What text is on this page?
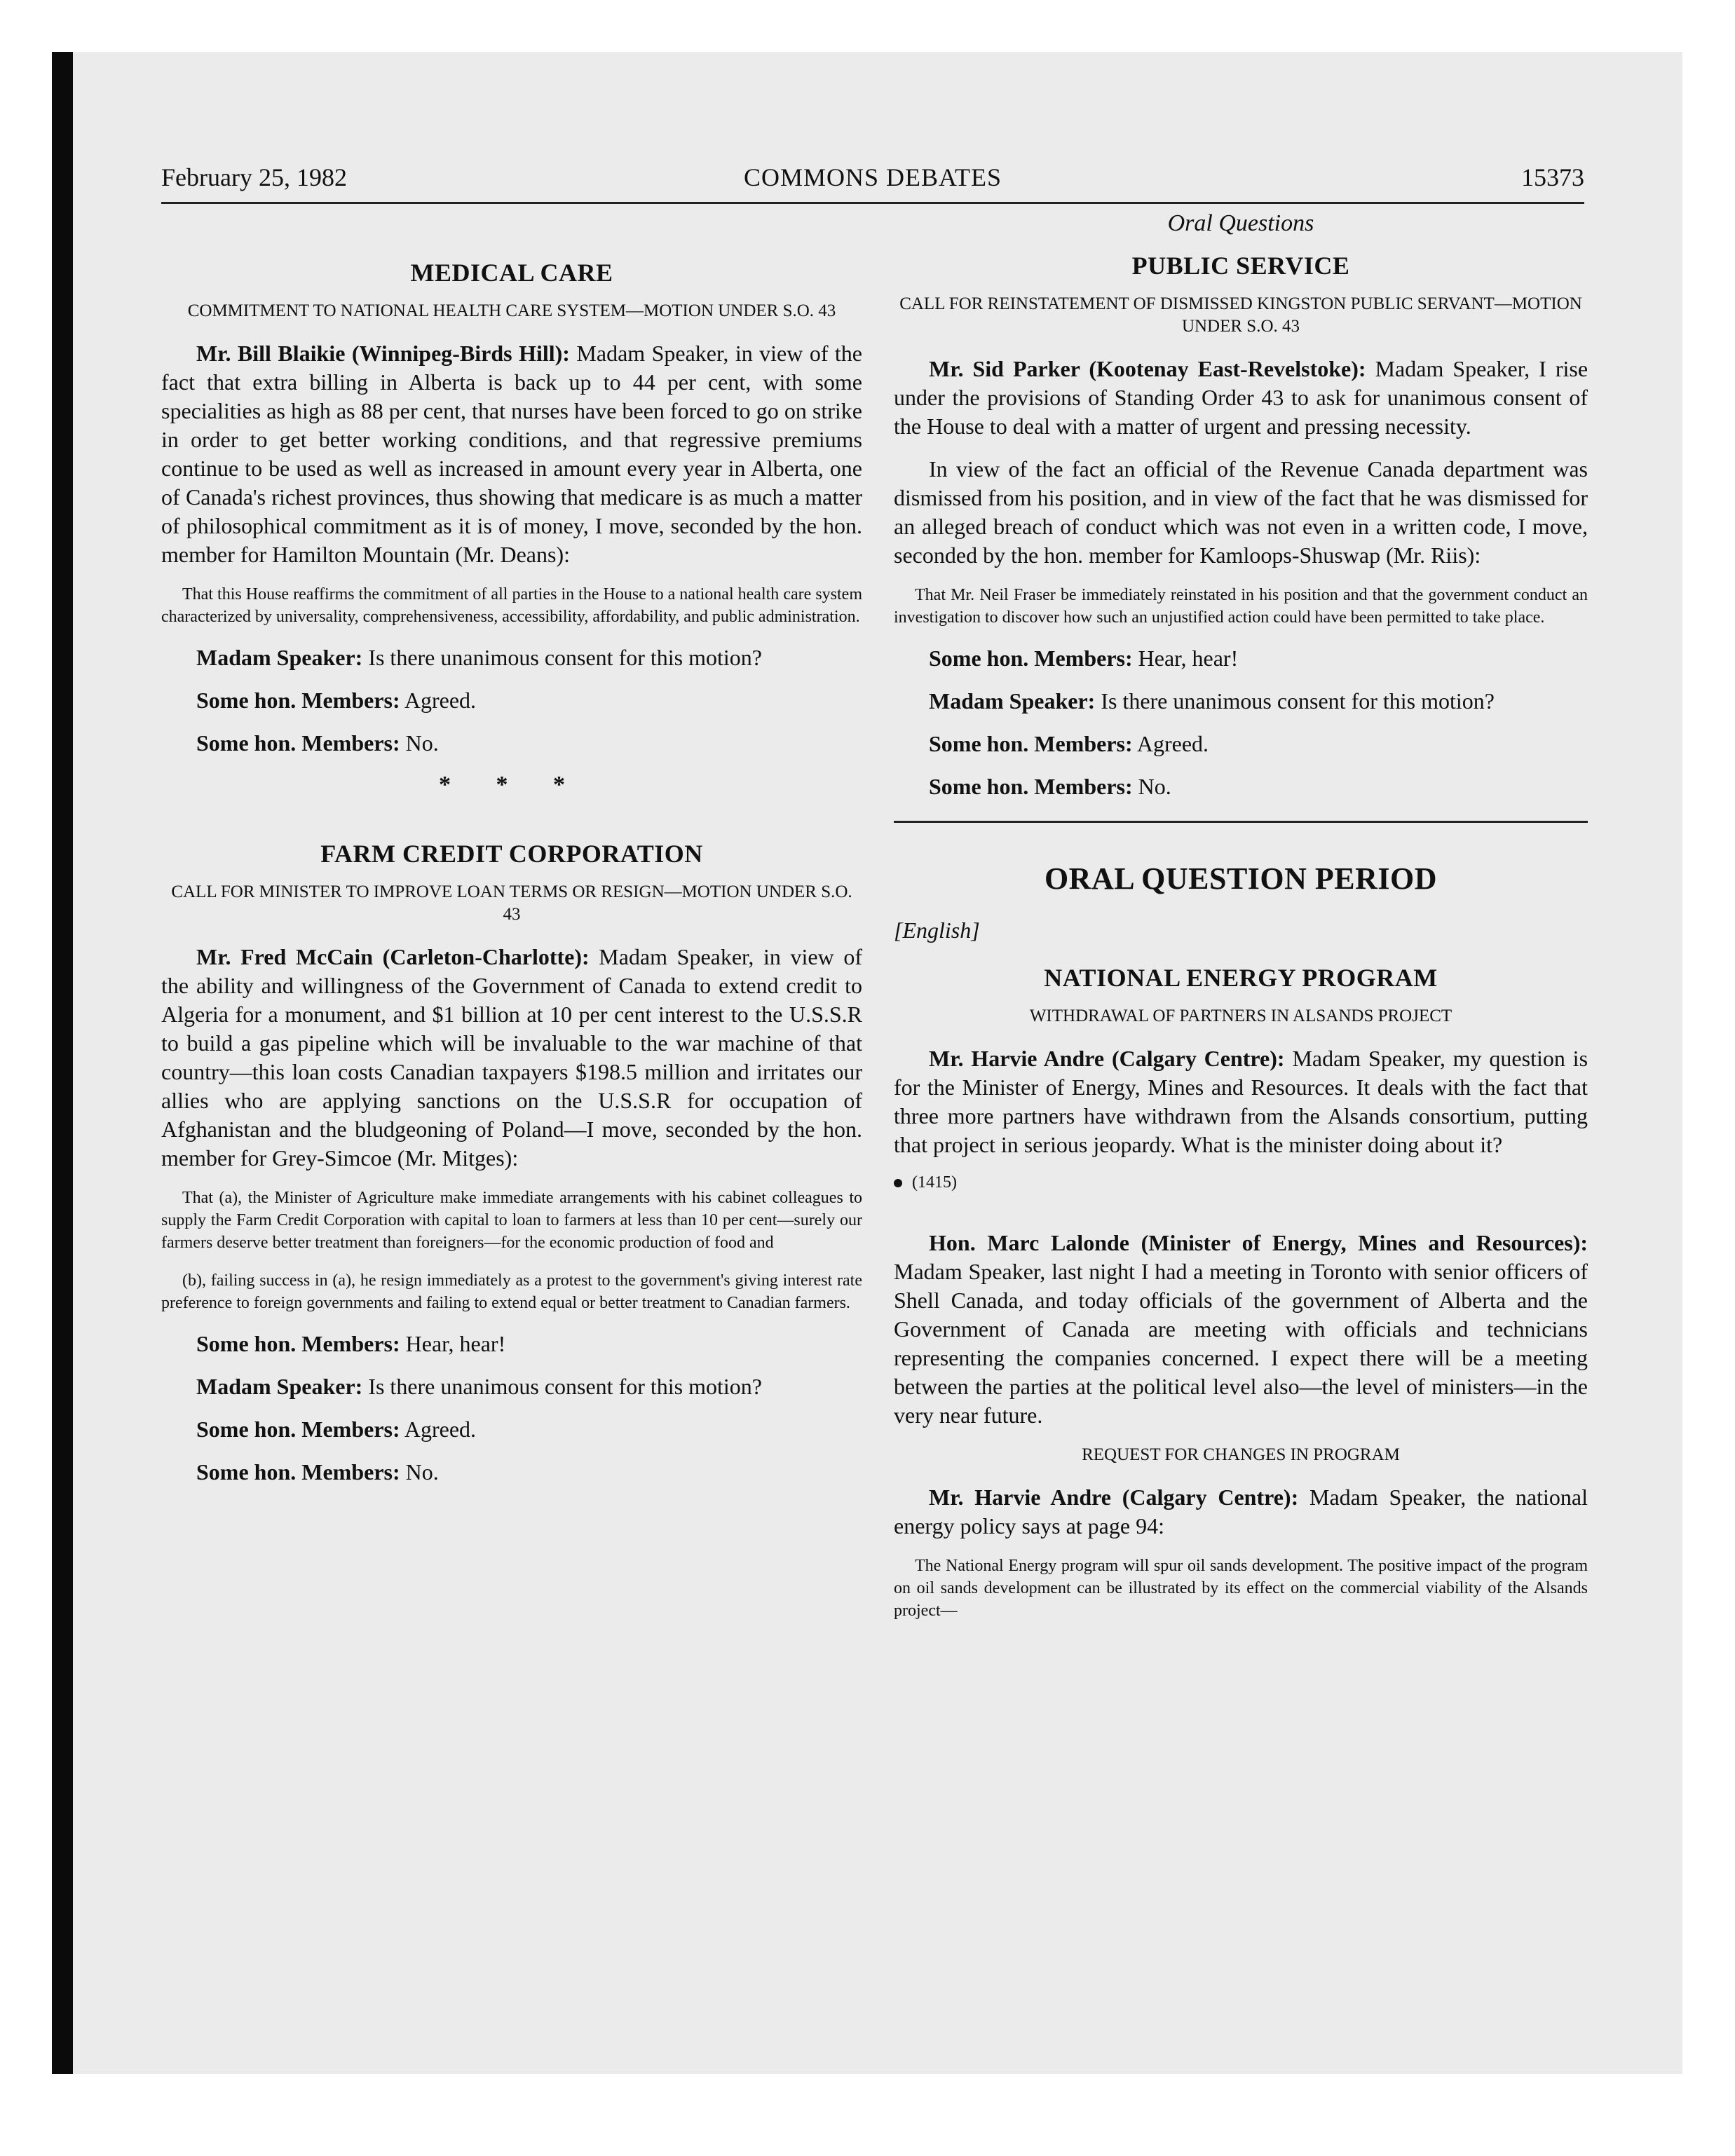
February 25, 1982	COMMONS DEBATES	15373
MEDICAL CARE
COMMITMENT TO NATIONAL HEALTH CARE SYSTEM—MOTION UNDER S.O. 43

Mr. Bill Blaikie (Winnipeg-Birds Hill): Madam Speaker, in view of the fact that extra billing in Alberta is back up to 44 per cent, with some specialities as high as 88 per cent, that nurses have been forced to go on strike in order to get better working conditions, and that regressive premiums continue to be used as well as increased in amount every year in Alberta, one of Canada's richest provinces, thus showing that medicare is as much a matter of philosophical commitment as it is of money, I move, seconded by the hon. member for Hamilton Mountain (Mr. Deans):

That this House reaffirms the commitment of all parties in the House to a national health care system characterized by universality, comprehensiveness, accessibility, affordability, and public administration.

Madam Speaker: Is there unanimous consent for this motion?

Some hon. Members: Agreed.

Some hon. Members: No.

* * *
FARM CREDIT CORPORATION
CALL FOR MINISTER TO IMPROVE LOAN TERMS OR RESIGN—MOTION UNDER S.O. 43

Mr. Fred McCain (Carleton-Charlotte): Madam Speaker, in view of the ability and willingness of the Government of Canada to extend credit to Algeria for a monument, and $1 billion at 10 per cent interest to the U.S.S.R to build a gas pipeline which will be invaluable to the war machine of that country—this loan costs Canadian taxpayers $198.5 million and irritates our allies who are applying sanctions on the U.S.S.R for occupation of Afghanistan and the bludgeoning of Poland—I move, seconded by the hon. member for Grey-Simcoe (Mr. Mitges):

That (a), the Minister of Agriculture make immediate arrangements with his cabinet colleagues to supply the Farm Credit Corporation with capital to loan to farmers at less than 10 per cent—surely our farmers deserve better treatment than foreigners—for the economic production of food and

(b), failing success in (a), he resign immediately as a protest to the government's giving interest rate preference to foreign governments and failing to extend equal or better treatment to Canadian farmers.

Some hon. Members: Hear, hear!

Madam Speaker: Is there unanimous consent for this motion?

Some hon. Members: Agreed.

Some hon. Members: No.

Oral Questions
PUBLIC SERVICE
CALL FOR REINSTATEMENT OF DISMISSED KINGSTON PUBLIC SERVANT—MOTION UNDER S.O. 43

Mr. Sid Parker (Kootenay East-Revelstoke): Madam Speaker, I rise under the provisions of Standing Order 43 to ask for unanimous consent of the House to deal with a matter of urgent and pressing necessity.

In view of the fact an official of the Revenue Canada department was dismissed from his position, and in view of the fact that he was dismissed for an alleged breach of conduct which was not even in a written code, I move, seconded by the hon. member for Kamloops-Shuswap (Mr. Riis):

That Mr. Neil Fraser be immediately reinstated in his position and that the government conduct an investigation to discover how such an unjustified action could have been permitted to take place.

Some hon. Members: Hear, hear!

Madam Speaker: Is there unanimous consent for this motion?

Some hon. Members: Agreed.

Some hon. Members: No.

ORAL QUESTION PERIOD
[English]
NATIONAL ENERGY PROGRAM
WITHDRAWAL OF PARTNERS IN ALSANDS PROJECT

Mr. Harvie Andre (Calgary Centre): Madam Speaker, my question is for the Minister of Energy, Mines and Resources. It deals with the fact that three more partners have withdrawn from the Alsands consortium, putting that project in serious jeopardy. What is the minister doing about it?

(1415)

Hon. Marc Lalonde (Minister of Energy, Mines and Resources): Madam Speaker, last night I had a meeting in Toronto with senior officers of Shell Canada, and today officials of the government of Alberta and the Government of Canada are meeting with officials and technicians representing the companies concerned. I expect there will be a meeting between the parties at the political level also—the level of ministers—in the very near future.

REQUEST FOR CHANGES IN PROGRAM

Mr. Harvie Andre (Calgary Centre): Madam Speaker, the national energy policy says at page 94:

The National Energy program will spur oil sands development. The positive impact of the program on oil sands development can be illustrated by its effect on the commercial viability of the Alsands project—
